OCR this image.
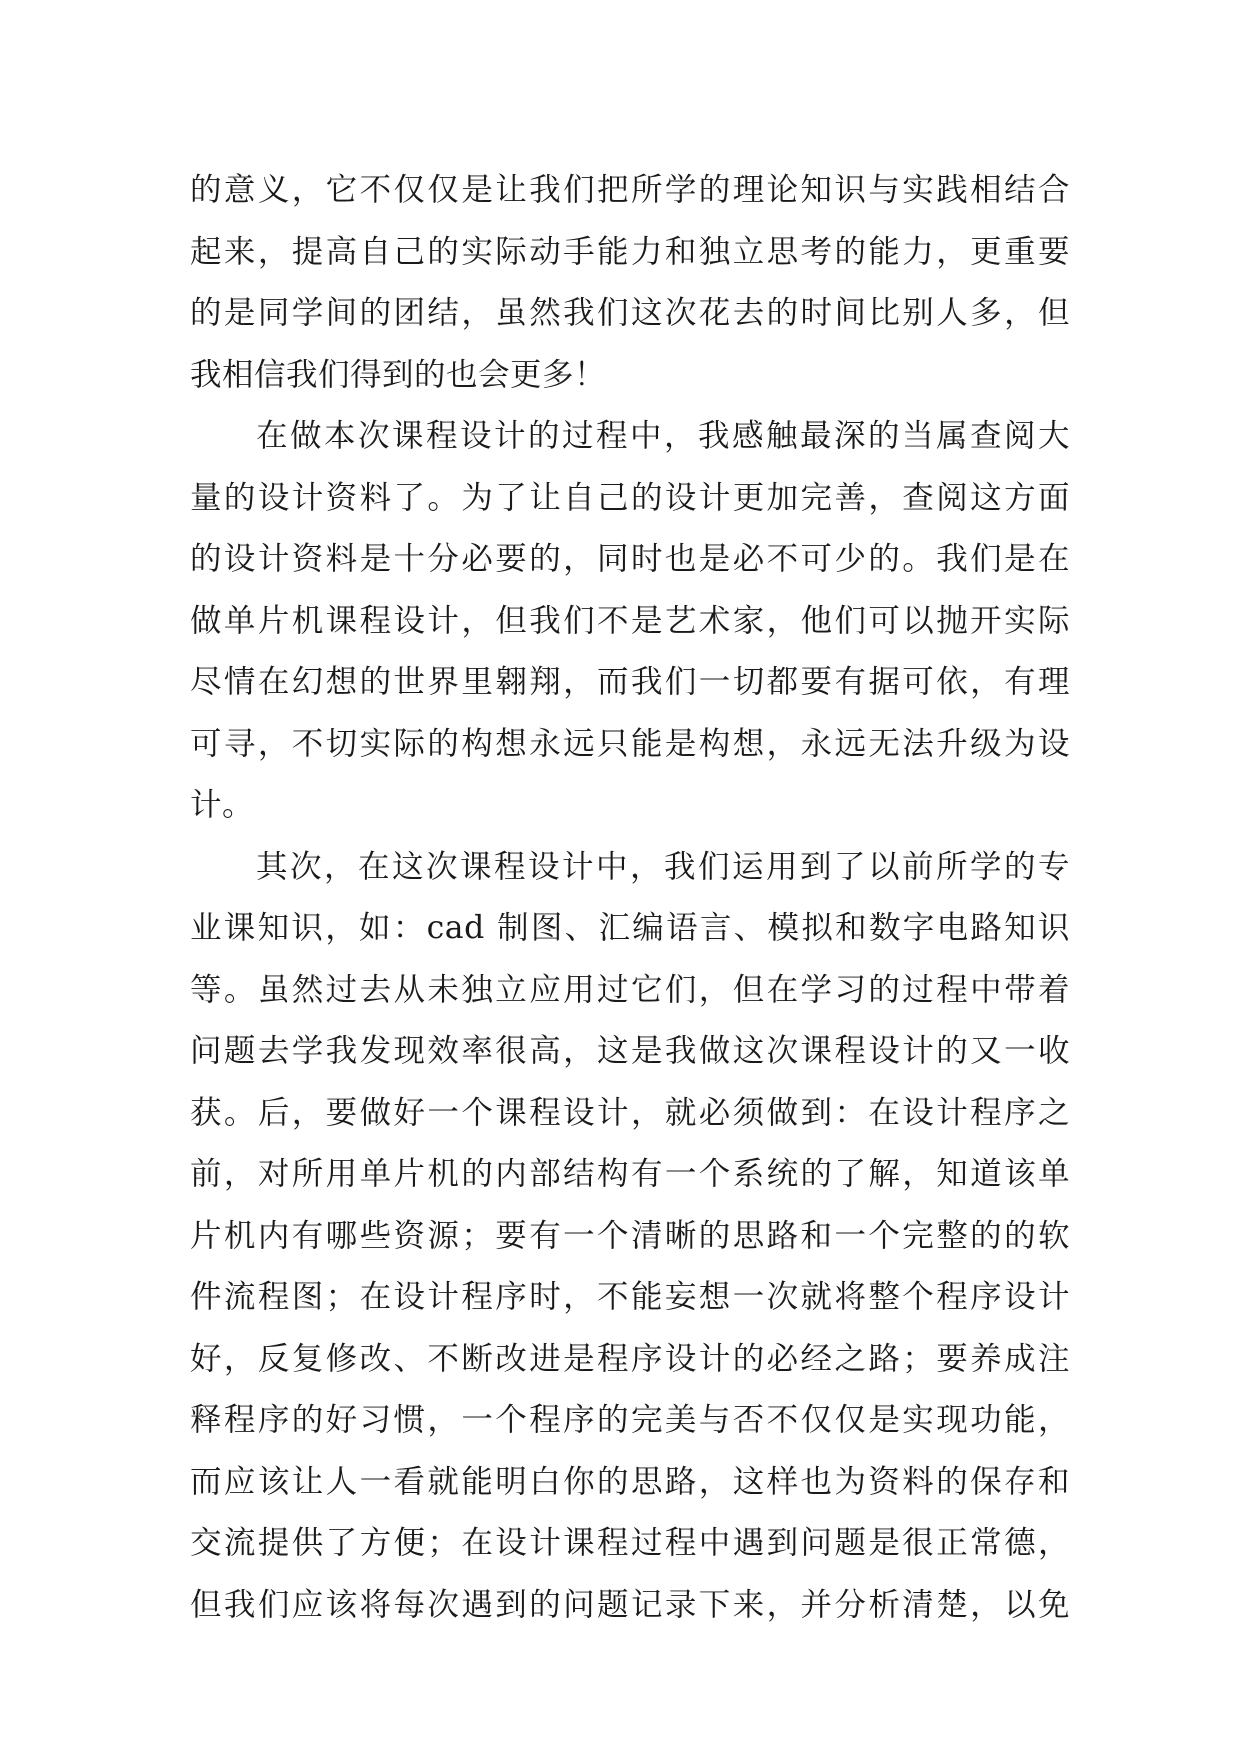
的意义，它不仅仅是让我们把所学的理论知识与实践相结合
起来，提高自己的实际动手能力和独立思考的能力，更重要
的是同学间的团结，虽然我们这次花去的时间比别人多，但
我相信我们得到的也会更多！
在做本次课程设计的过程中，我感触最深的当属查阅大
量的设计资料了。为了让自己的设计更加完善，查阅这方面
的设计资料是十分必要的，同时也是必不可少的。我们是在
做单片机课程设计，但我们不是艺术家，他们可以抛开实际
尽情在幻想的世界里翱翔，而我们一切都要有据可依，有理
可寻，不切实际的构想永远只能是构想，永远无法升级为设
计。
其次，在这次课程设计中，我们运用到了以前所学的专
业课知识，如：cad 制图、汇编语言、模拟和数字电路知识
等。虽然过去从未独立应用过它们，但在学习的过程中带着
问题去学我发现效率很高，这是我做这次课程设计的又一收
获。后，要做好一个课程设计，就必须做到：在设计程序之
前，对所用单片机的内部结构有一个系统的了解，知道该单
片机内有哪些资源；要有一个清晰的思路和一个完整的的软
件流程图；在设计程序时，不能妄想一次就将整个程序设计
好，反复修改、不断改进是程序设计的必经之路；要养成注
释程序的好习惯，一个程序的完美与否不仅仅是实现功能，
而应该让人一看就能明白你的思路，这样也为资料的保存和
交流提供了方便；在设计课程过程中遇到问题是很正常德，
但我们应该将每次遇到的问题记录下来，并分析清楚，以免
